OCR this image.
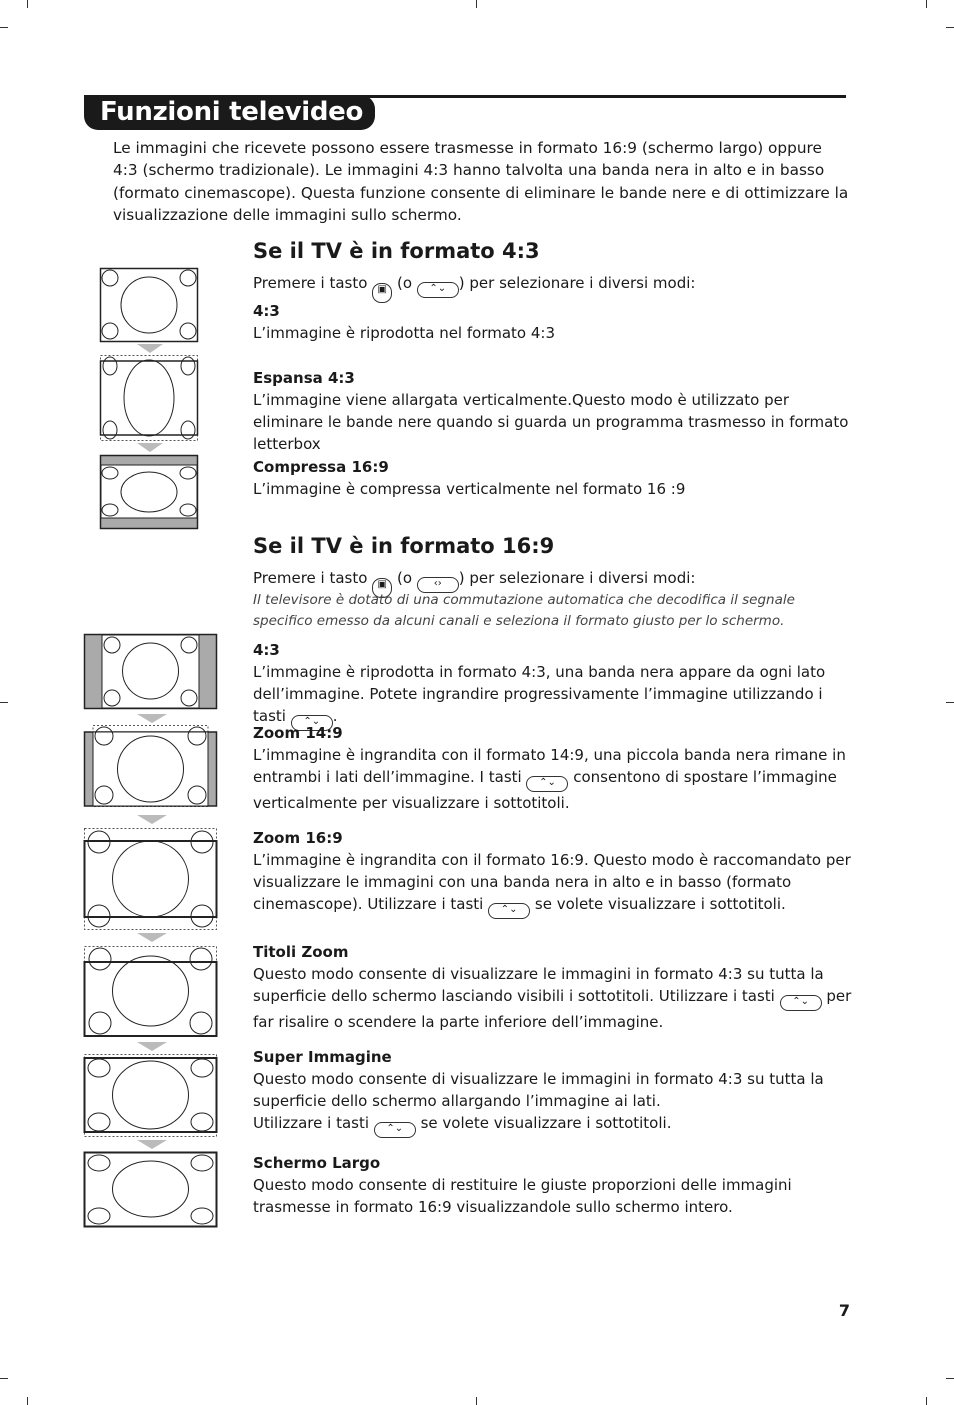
Funzioni televideo
Le immagini che ricevete possono essere trasmesse in formato 16:9 (schermo largo) oppure 4:3 (schermo tradizionale). Le immagini 4:3 hanno talvolta una banda nera in alto e in basso (formato cinemascope). Questa funzione consente di eliminare le bande nere e di ottimizzare la visualizzazione delle immagini sullo schermo.
Se il TV è in formato 4:3
Premere i tasto ▣ (o ⌃⌄ ) per selezionare i diversi modi:
4:3
L’immagine è riprodotta nel formato 4:3
Espansa 4:3
L’immagine viene allargata verticalmente.Questo modo è utilizzato per eliminare le bande nere quando si guarda un programma trasmesso in formato letterbox
Compressa 16:9
L’immagine è compressa verticalmente nel formato 16 :9
Se il TV è in formato 16:9
Premere i tasto ▣ (o ‹› ) per selezionare i diversi modi:
Il televisore è dotato di una commutazione automatica che decodifica il segnale specifico emesso da alcuni canali e seleziona il formato giusto per lo schermo.
4:3
L’immagine è riprodotta in formato 4:3, una banda nera appare da ogni lato dell’immagine. Potete ingrandire progressivamente l’immagine utilizzando i tasti ⌃⌄ .
Zoom 14:9
L’immagine è ingrandita con il formato 14:9, una piccola banda nera rimane in entrambi i lati dell’immagine. I tasti ⌃⌄ consentono di spostare l’immagine verticalmente per visualizzare i sottotitoli.
Zoom 16:9
L’immagine è ingrandita con il formato 16:9. Questo modo è raccomandato per visualizzare le immagini con una banda nera in alto e in basso (formato cinemascope). Utilizzare i tasti ⌃⌄ se volete visualizzare i sottotitoli.
Titoli Zoom
Questo modo consente di visualizzare le immagini in formato 4:3 su tutta la superficie dello schermo lasciando visibili i sottotitoli. Utilizzare i tasti ⌃⌄ per far risalire o scendere la parte inferiore dell’immagine.
Super Immagine
Questo modo consente di visualizzare le immagini in formato 4:3 su tutta la superficie dello schermo allargando l’immagine ai lati.
Utilizzare i tasti ⌃⌄ se volete visualizzare i sottotitoli.
Schermo Largo
Questo modo consente di restituire le giuste proporzioni delle immagini trasmesse in formato 16:9 visualizzandole sullo schermo intero.
7
